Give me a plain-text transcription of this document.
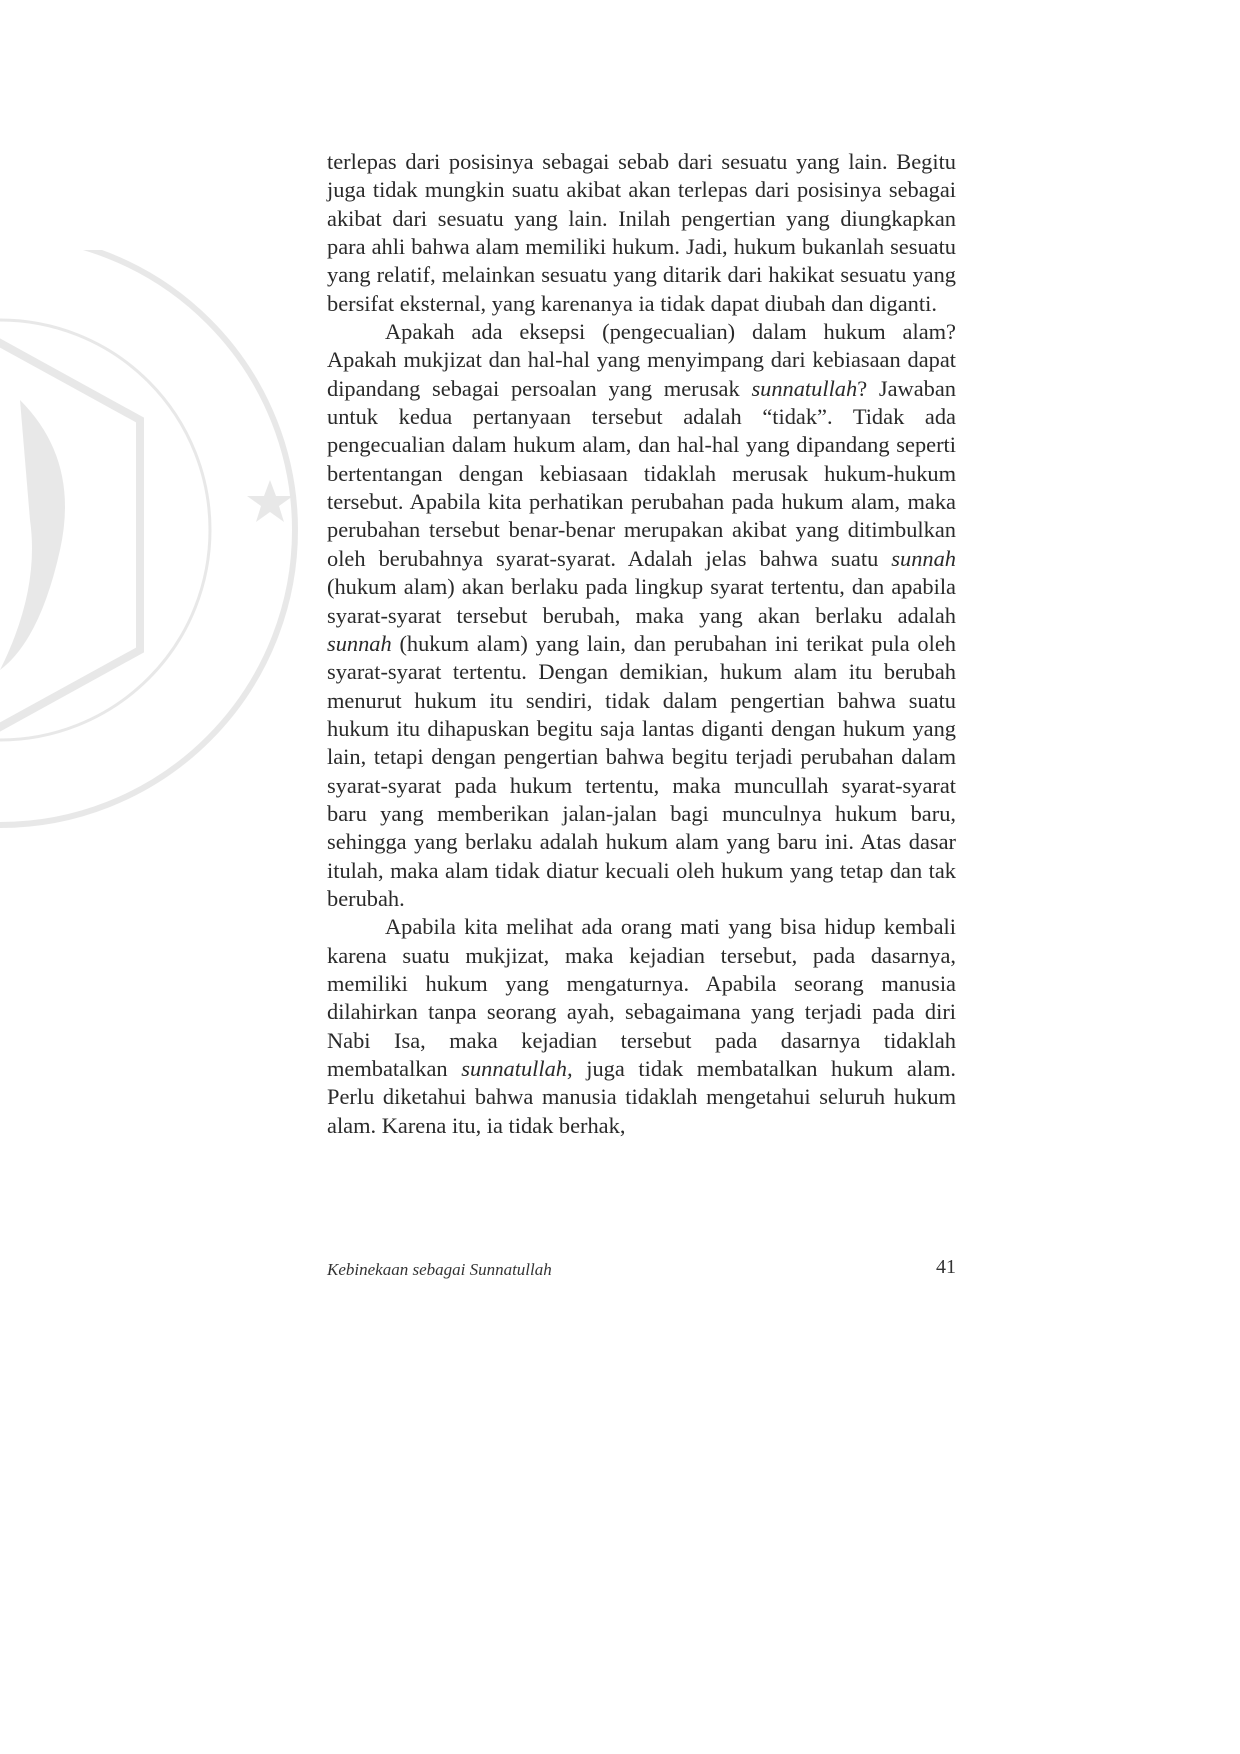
terlepas dari posisinya sebagai sebab dari sesuatu yang lain. Begitu juga tidak mungkin suatu akibat akan terlepas dari posisinya sebagai akibat dari sesuatu yang lain. Inilah pengertian yang diungkapkan para ahli bahwa alam memiliki hukum. Jadi, hukum bukanlah sesuatu yang relatif, melainkan sesuatu yang ditarik dari hakikat sesuatu yang bersifat eksternal, yang karenanya ia tidak dapat diubah dan diganti.

Apakah ada eksepsi (pengecualian) dalam hukum alam? Apakah mukjizat dan hal-hal yang menyimpang dari kebiasaan dapat dipandang sebagai persoalan yang merusak sunnatullah? Jawaban untuk kedua pertanyaan tersebut adalah “tidak”. Tidak ada pengecualian dalam hukum alam, dan hal-hal yang dipandang seperti bertentangan dengan kebiasaan tidaklah merusak hukum-hukum tersebut. Apabila kita perhatikan perubahan pada hukum alam, maka perubahan tersebut benar-benar merupakan akibat yang ditimbulkan oleh berubahnya syarat-syarat. Adalah jelas bahwa suatu sunnah (hukum alam) akan berlaku pada lingkup syarat tertentu, dan apabila syarat-syarat tersebut berubah, maka yang akan berlaku adalah sunnah (hukum alam) yang lain, dan perubahan ini terikat pula oleh syarat-syarat tertentu. Dengan demikian, hukum alam itu berubah menurut hukum itu sendiri, tidak dalam pengertian bahwa suatu hukum itu dihapuskan begitu saja lantas diganti dengan hukum yang lain, tetapi dengan pengertian bahwa begitu terjadi perubahan dalam syarat-syarat pada hukum tertentu, maka muncullah syarat-syarat baru yang memberikan jalan-jalan bagi munculnya hukum baru, sehingga yang berlaku adalah hukum alam yang baru ini. Atas dasar itulah, maka alam tidak diatur kecuali oleh hukum yang tetap dan tak berubah.

Apabila kita melihat ada orang mati yang bisa hidup kembali karena suatu mukjizat, maka kejadian tersebut, pada dasarnya, memiliki hukum yang mengaturnya. Apabila seorang manusia dilahirkan tanpa seorang ayah, sebagaimana yang terjadi pada diri Nabi Isa, maka kejadian tersebut pada dasarnya tidaklah membatalkan sunnatullah, juga tidak membatalkan hukum alam. Perlu diketahui bahwa manusia tidaklah mengetahui seluruh hukum alam. Karena itu, ia tidak berhak,

Kebinekaan sebagai Sunnatullah	41
